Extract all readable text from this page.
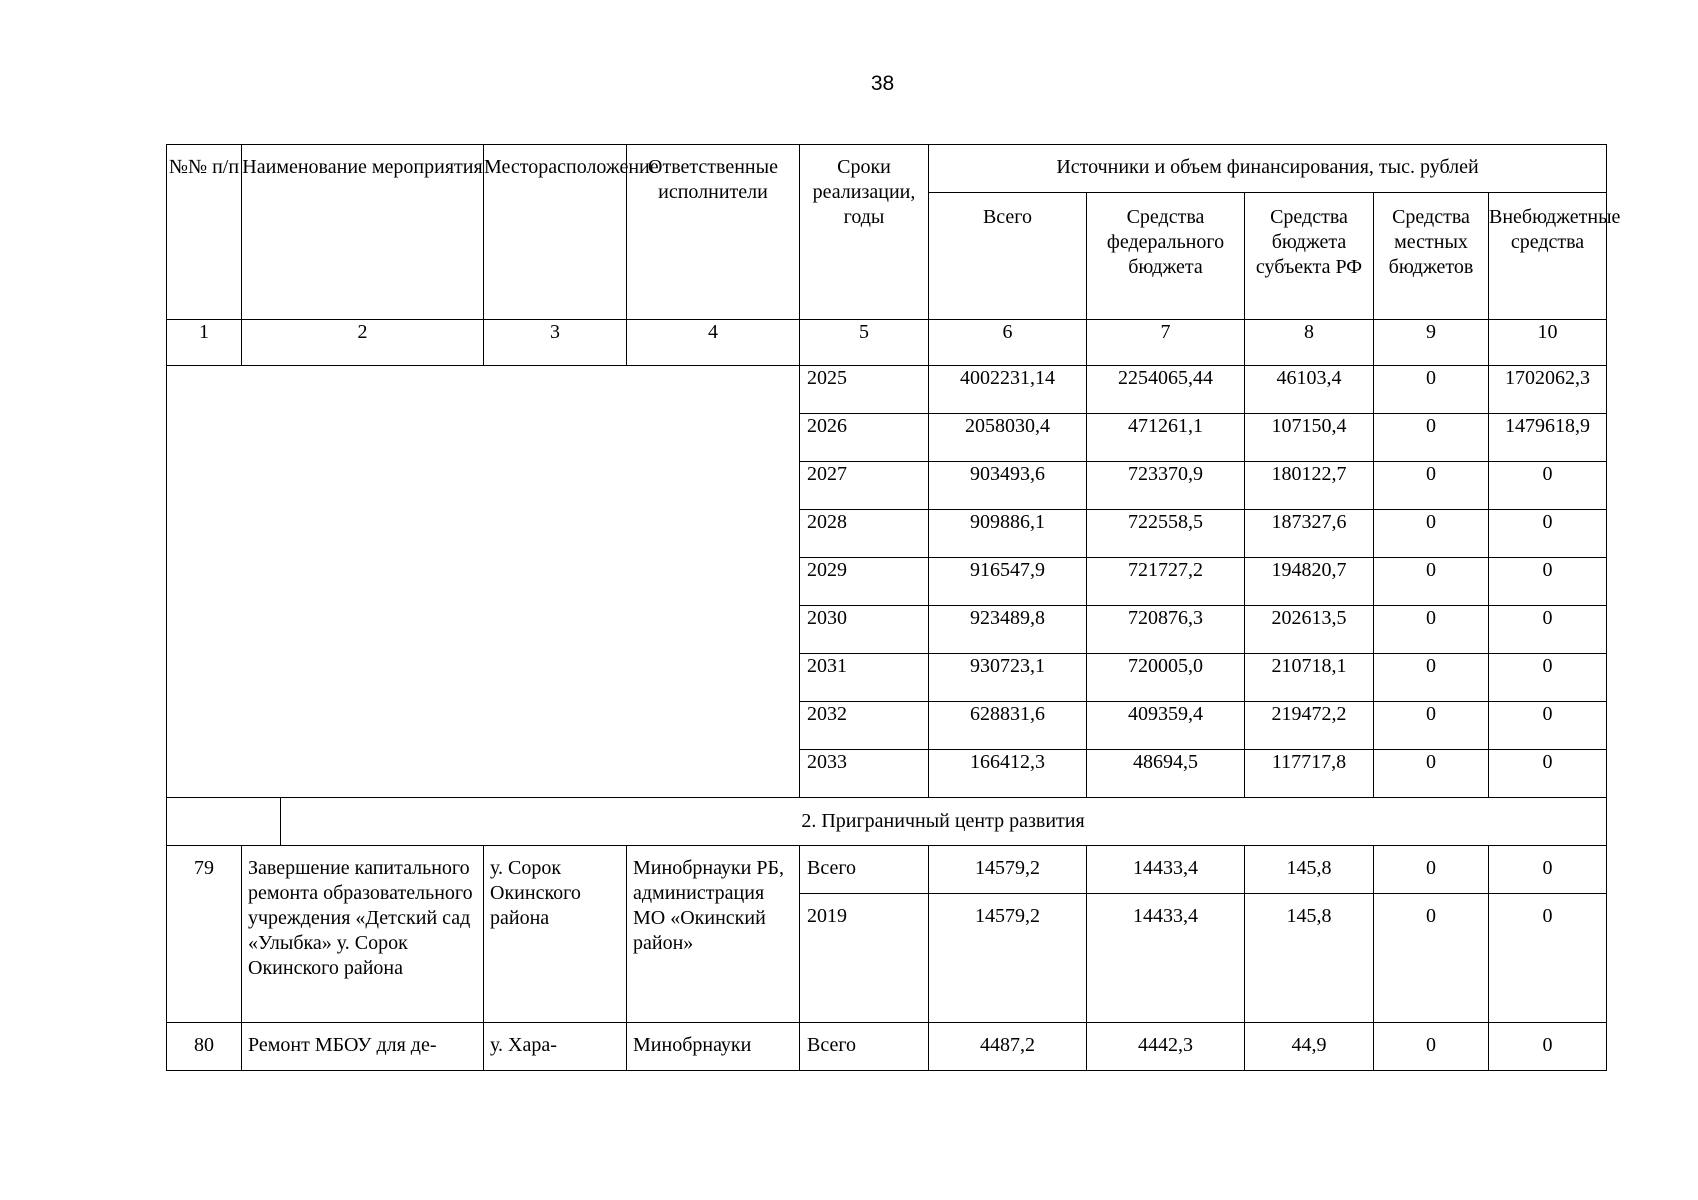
38
№№ п/п	Наименование мероприятия	Месторасположение	Ответственные исполнители	Сроки реализации, годы	Источники и объем финансирования, тыс. рублей				
					Всего	Средства федерального бюджета	Средства бюджета субъекта РФ	Средства местных бюджетов	Внебюджетные средства
1	2	3	4	5	6	7	8	9	10
				2025	4002231,14	2254065,44	46103,4	0	1702062,3
				2026	2058030,4	471261,1	107150,4	0	1479618,9
				2027	903493,6	723370,9	180122,7	0	0
				2028	909886,1	722558,5	187327,6	0	0
				2029	916547,9	721727,2	194820,7	0	0
				2030	923489,8	720876,3	202613,5	0	0
				2031	930723,1	720005,0	210718,1	0	0
				2032	628831,6	409359,4	219472,2	0	0
				2033	166412,3	48694,5	117717,8	0	0

2. Приграничный центр развития									

79	Завершение капитального ремонта образовательного учреждения «Детский сад «Улыбка» у. Сорок Окинского района	у. Сорок Окинского района	Минобрнауки РБ, администрация МО «Окинский район»	Всего	14579,2	14433,4	145,8	0	0
				2019	14579,2	14433,4	145,8	0	0
80	Ремонт МБОУ для де-	у. Хара-	Минобрнауки	Всего	4487,2	4442,3	44,9	0	0
